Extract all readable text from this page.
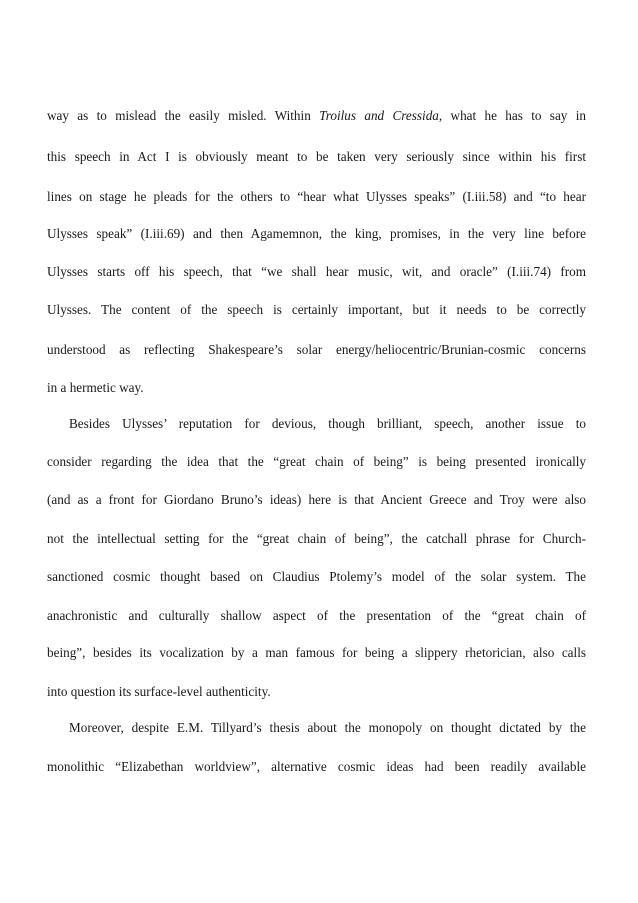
way as to mislead the easily misled. Within Troilus and Cressida, what he has to say in
this speech in Act I is obviously meant to be taken very seriously since within his first
lines on stage he pleads for the others to “hear what Ulysses speaks” (I.iii.58) and “to hear
Ulysses speak” (I.iii.69) and then Agamemnon, the king, promises, in the very line before
Ulysses starts off his speech, that “we shall hear music, wit, and oracle” (I.iii.74) from
Ulysses. The content of the speech is certainly important, but it needs to be correctly
understood as reflecting Shakespeare’s solar energy/heliocentric/Brunian-cosmic concerns
in a hermetic way.
Besides Ulysses’ reputation for devious, though brilliant, speech, another issue to
consider regarding the idea that the “great chain of being” is being presented ironically
(and as a front for Giordano Bruno’s ideas) here is that Ancient Greece and Troy were also
not the intellectual setting for the “great chain of being”, the catchall phrase for Church-
sanctioned cosmic thought based on Claudius Ptolemy’s model of the solar system. The
anachronistic and culturally shallow aspect of the presentation of the “great chain of
being”, besides its vocalization by a man famous for being a slippery rhetorician, also calls
into question its surface-level authenticity.
Moreover, despite E.M. Tillyard’s thesis about the monopoly on thought dictated by the
monolithic “Elizabethan worldview”, alternative cosmic ideas had been readily available
